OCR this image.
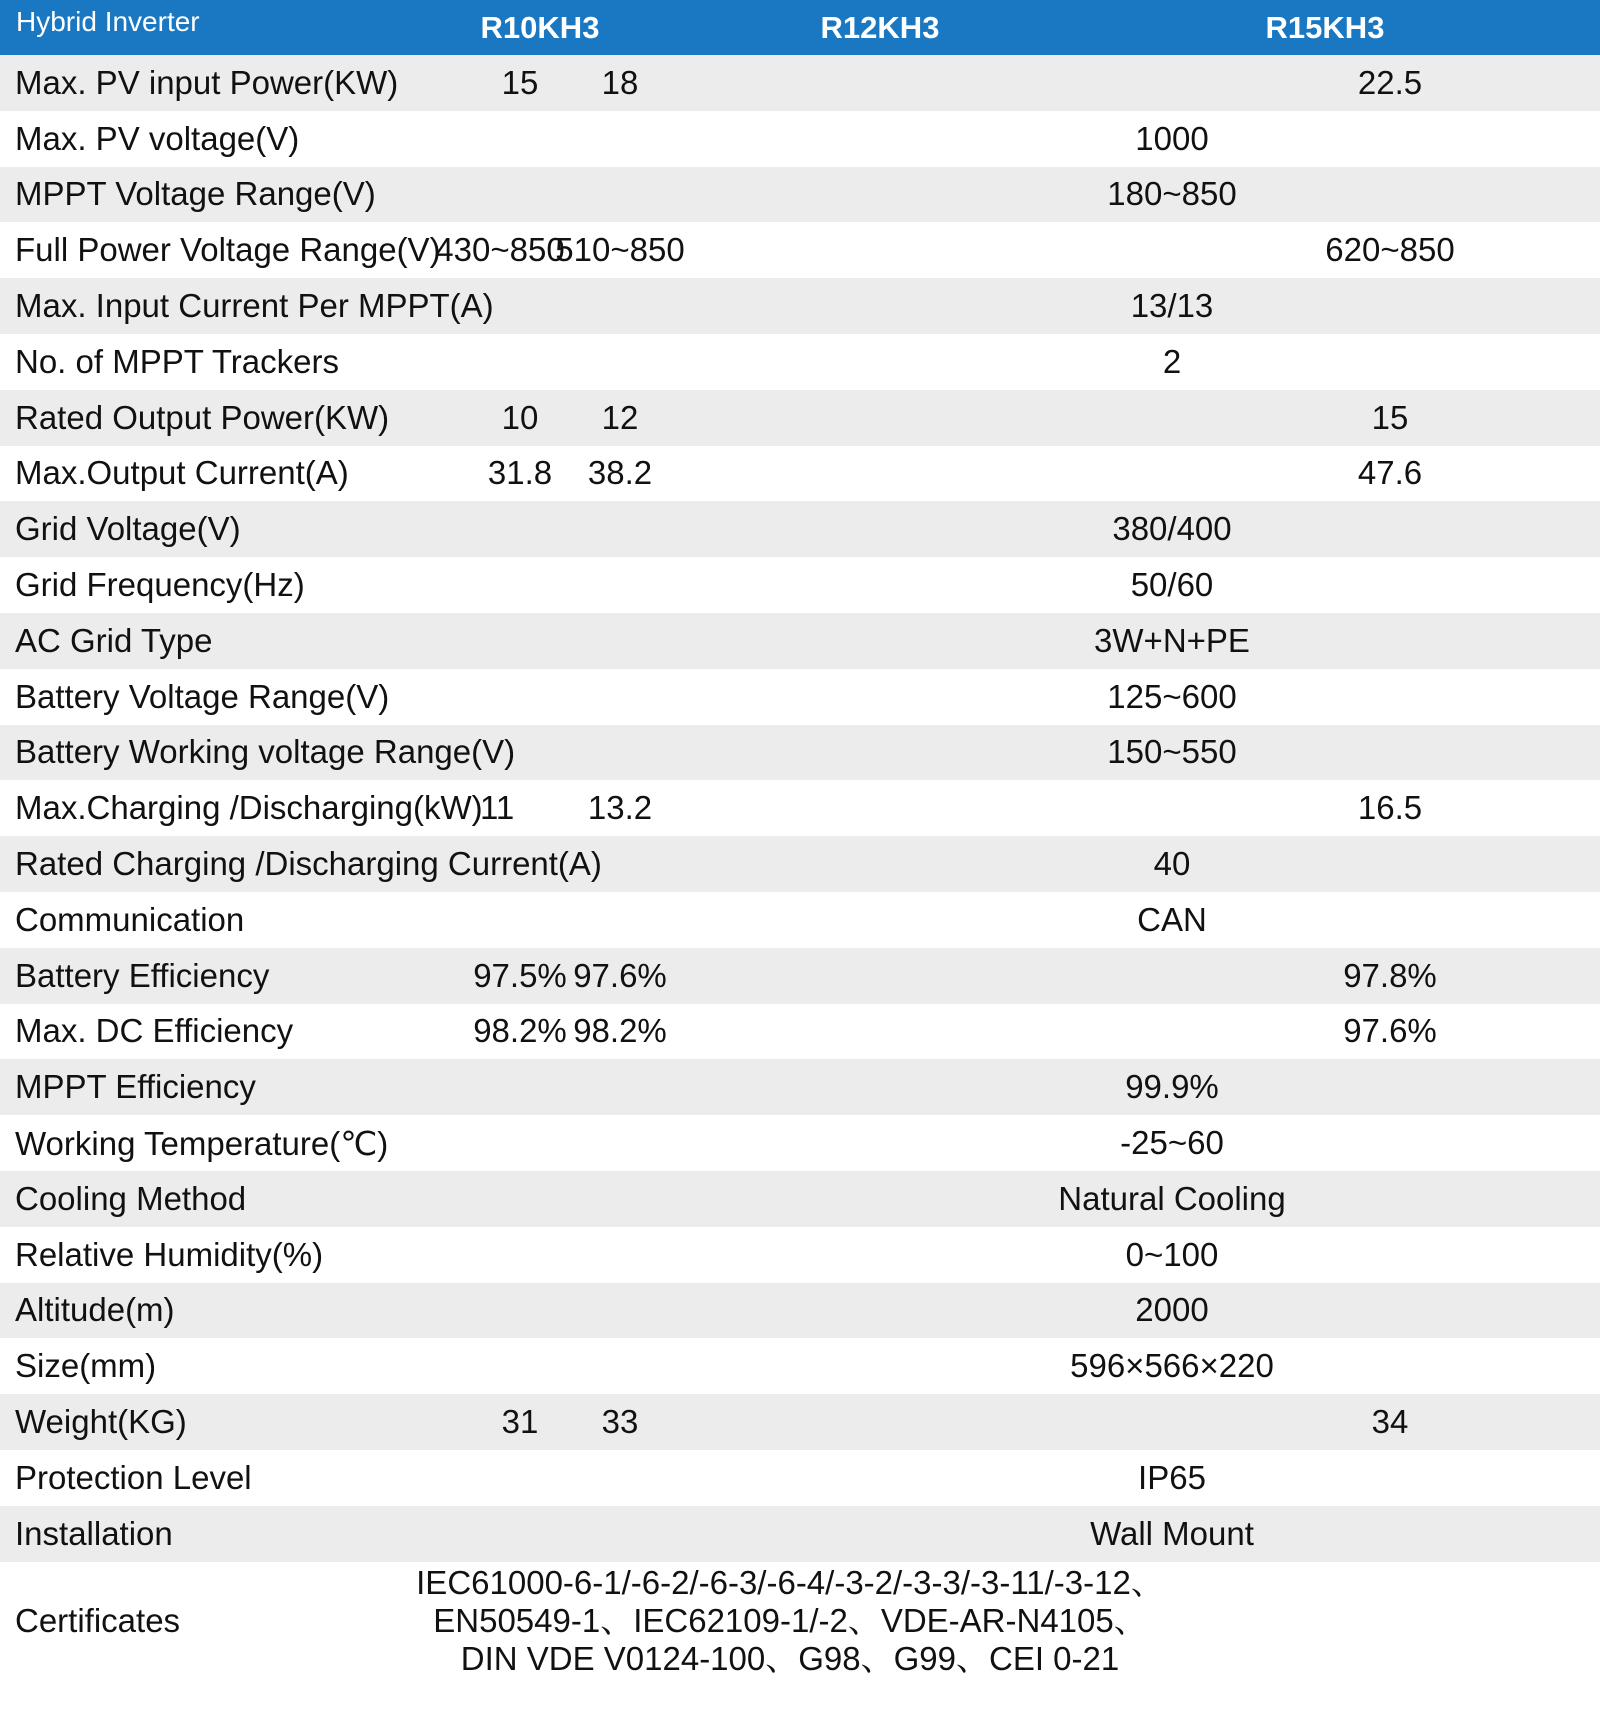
Hybrid Inverter	R10KH3	R12KH3	R15KH3
Max. PV input Power(KW)	15	18	22.5
Max. PV voltage(V)	1000		
MPPT Voltage Range(V)	180~850		
Full Power Voltage Range(V)	430~850	510~850	620~850
Max. Input Current Per MPPT(A)	13/13		
No. of MPPT Trackers	2		
Rated Output Power(KW)	10	12	15
Max.Output Current(A)	31.8	38.2	47.6
Grid Voltage(V)	380/400		
Grid Frequency(Hz)	50/60		
AC Grid Type	3W+N+PE		
Battery Voltage Range(V)	125~600		
Battery Working voltage Range(V)	150~550		
Max.Charging /Discharging(kW)	11	13.2	16.5
Rated Charging /Discharging Current(A)	40		
Communication	CAN		
Battery Efficiency	97.5%	97.6%	97.8%
Max. DC Efficiency	98.2%	98.2%	97.6%
MPPT Efficiency	99.9%		
Working Temperature(℃)	-25~60		
Cooling Method	Natural Cooling		
Relative Humidity(%)	0~100		
Altitude(m)	2000		
Size(mm)	596×566×220		
Weight(KG)	31	33	34
Protection Level	IP65		
Installation	Wall Mount		
Certificates	IEC61000-6-1/-6-2/-6-3/-6-4/-3-2/-3-3/-3-11/-3-12、
EN50549-1、IEC62109-1/-2、VDE-AR-N4105、
DIN VDE V0124-100、G98、G99、CEI 0-21		
